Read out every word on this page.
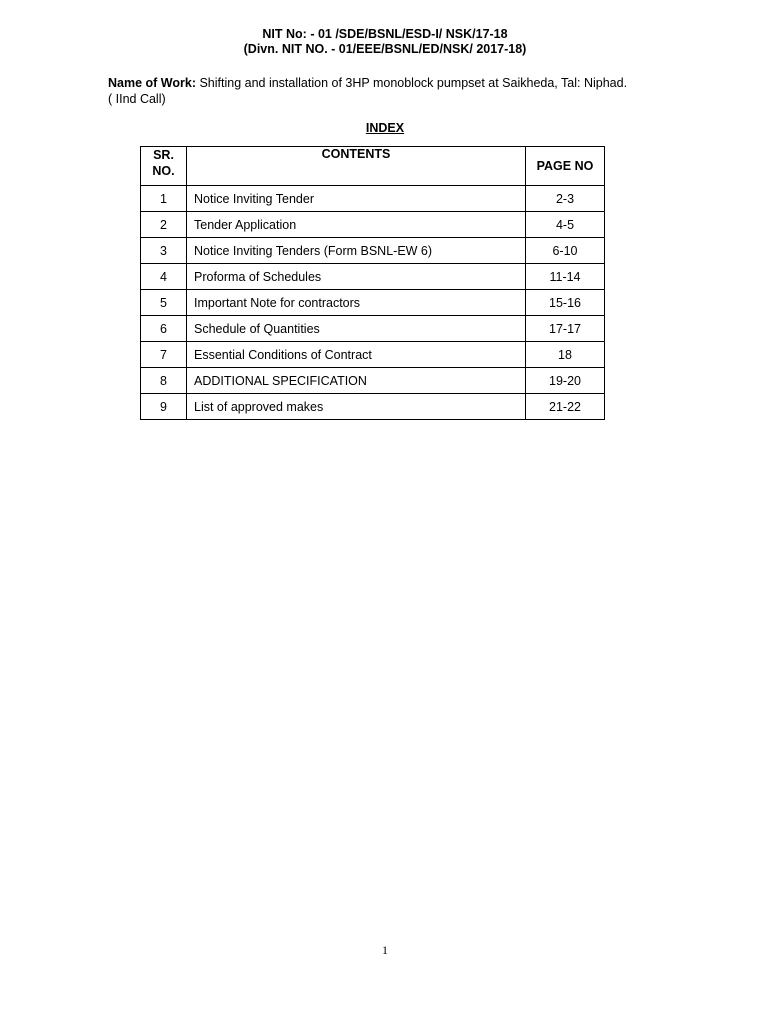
NIT No: - 01 /SDE/BSNL/ESD-I/ NSK/17-18
(Divn. NIT NO. - 01/EEE/BSNL/ED/NSK/ 2017-18)
Name of Work: Shifting and installation of 3HP monoblock pumpset at Saikheda, Tal: Niphad.
( IInd Call)
INDEX
SR.
NO.	CONTENTS	PAGE NO
1	Notice Inviting Tender	2-3
2	Tender Application	4-5
3	Notice Inviting Tenders (Form BSNL-EW 6)	6-10
4	Proforma of Schedules	11-14
5	Important Note for contractors	15-16
6	Schedule of Quantities	17-17
7	Essential Conditions of Contract	18
8	ADDITIONAL SPECIFICATION	19-20
9	List of approved makes	21-22
1
